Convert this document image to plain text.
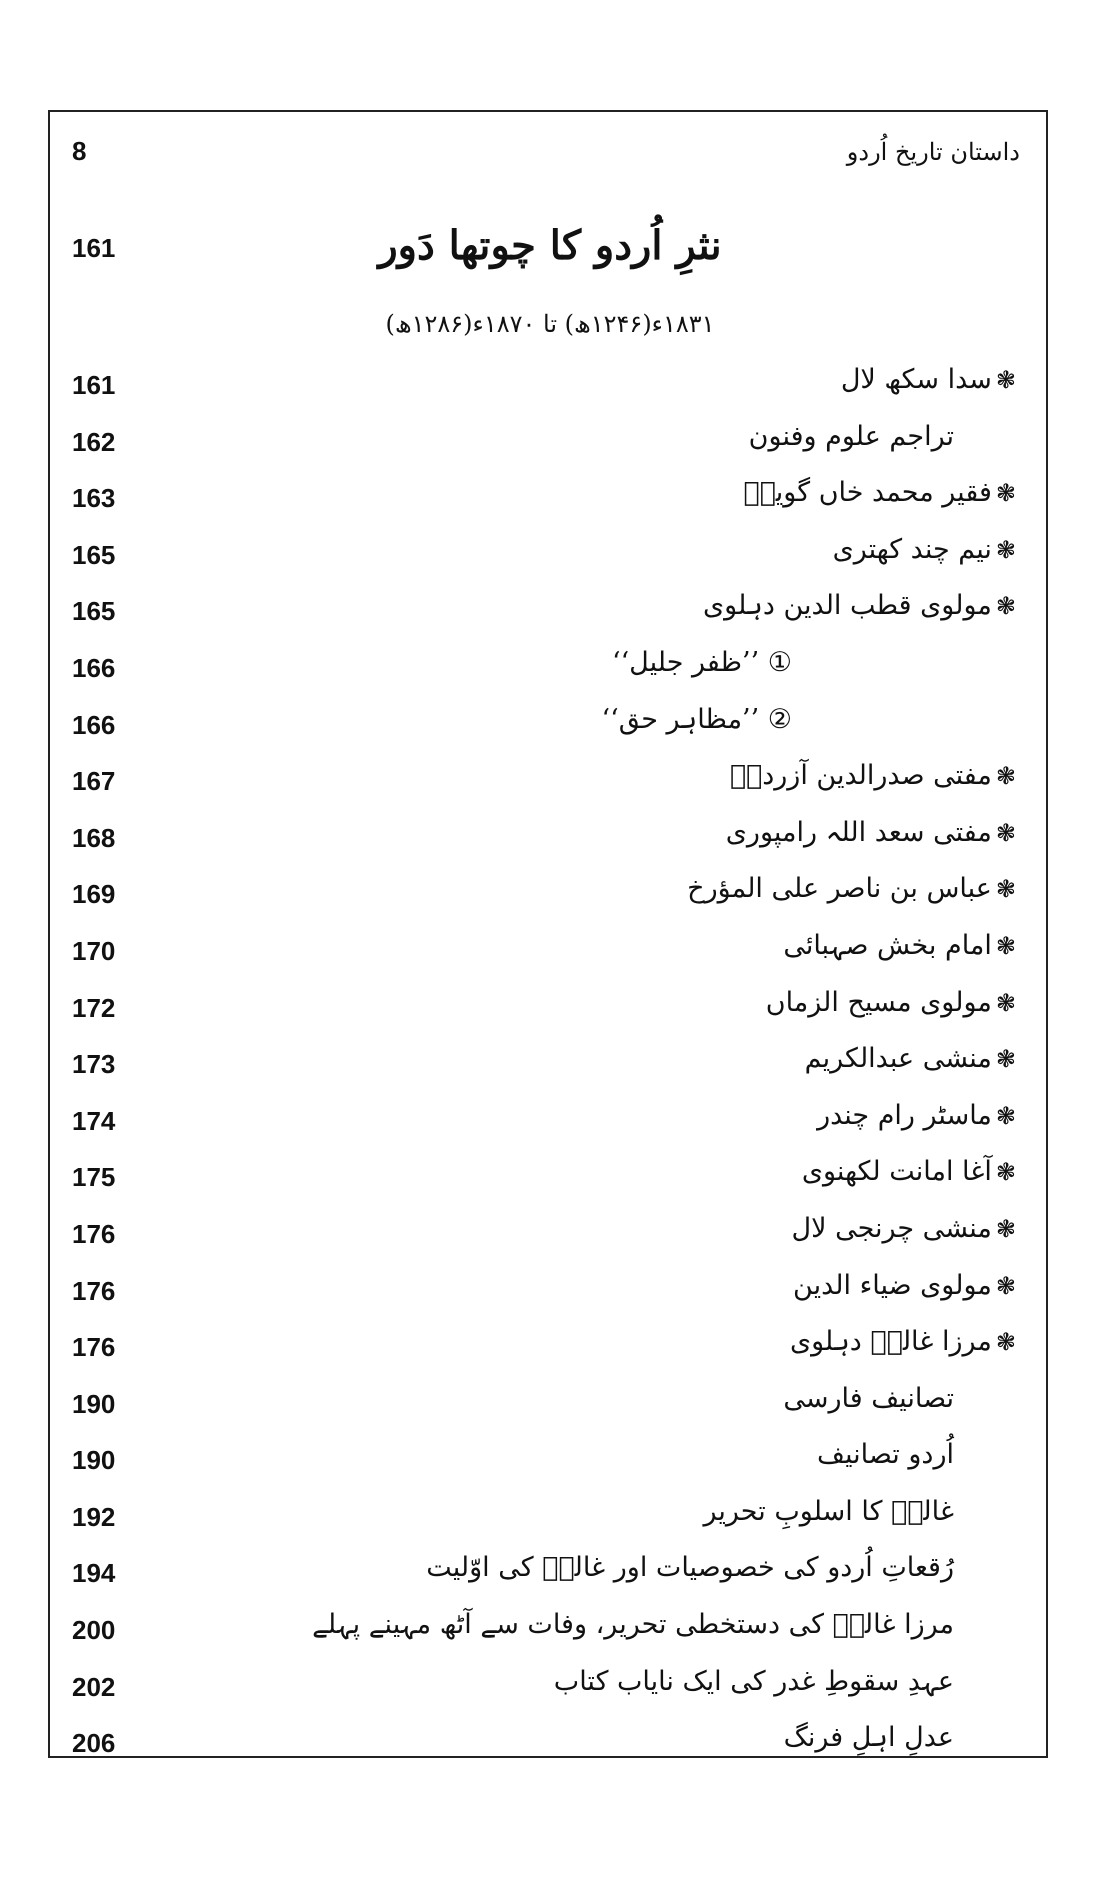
8	داستان تاریخ اُردو
161	نثرِ اُردو کا چوتھا دَور
۱۸۳۱ء(۱۲۴۶ھ) تا ۱۸۷۰ء(۱۲۸۶ھ)
161	❃سدا سکھ لال
162	تراجم علوم وفنون
163	❃فقیر محمد خاں گویاؔ
165	❃نیم چند کھتری
165	❃مولوی قطب الدین دہلوی
166	① ’’ظفر جلیل‘‘
166	② ’’مظاہر حق‘‘
167	❃مفتی صدرالدین آزردہؔ
168	❃مفتی سعد اللہ رامپوری
169	❃عباس بن ناصر علی المؤرخ
170	❃امام بخش صہبائی
172	❃مولوی مسیح الزماں
173	❃منشی عبدالکریم
174	❃ماسٹر رام چندر
175	❃آغا امانت لکھنوی
176	❃منشی چرنجی لال
176	❃مولوی ضیاء الدین
176	❃مرزا غالبؔ دہلوی
190	تصانیف فارسی
190	اُردو تصانیف
192	غالبؔ کا اسلوبِ تحریر
194	رُقعاتِ اُردو کی خصوصیات اور غالبؔ کی اوّلیت
200	مرزا غالبؔ کی دستخطی تحریر، وفات سے آٹھ مہینے پہلے
202	عہدِ سقوطِ غدر کی ایک نایاب کتاب
206	عدلِ اہلِ فرنگ
